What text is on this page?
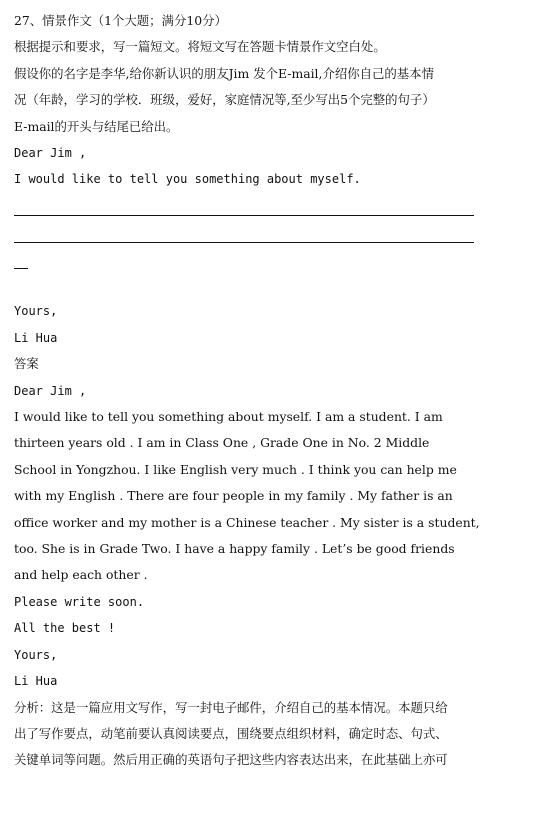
27、情景作文（1个大题；满分10分）
根据提示和要求，写一篇短文。将短文写在答题卡情景作文空白处。
假设你的名字是李华,给你新认识的朋友Jim 发个E-mail,介绍你自己的基本情
况（年龄，学习的学校．班级，爱好，家庭情况等,至少写出5个完整的句子）
E-mail的开头与结尾已给出。
Dear Jim ,
I would like to tell you something about myself.
Yours,
Li Hua
答案
Dear Jim ,
I would like to tell you something about myself. I am a student. I am
thirteen years old . I am in Class One , Grade One in No. 2 Middle
School in Yongzhou. I like English very much . I think you can help me
with my English . There are four people in my family . My father is an
office worker and my mother is a Chinese teacher . My sister is a student,
too. She is in Grade Two. I have a happy family . Let’s be good friends
and help each other .
Please write soon.
All the best !
Yours,
Li Hua
分析：这是一篇应用文写作，写一封电子邮件，介绍自己的基本情况。本题只给
出了写作要点，动笔前要认真阅读要点，围绕要点组织材料，确定时态、句式、
关键单词等问题。然后用正确的英语句子把这些内容表达出来，在此基础上亦可
